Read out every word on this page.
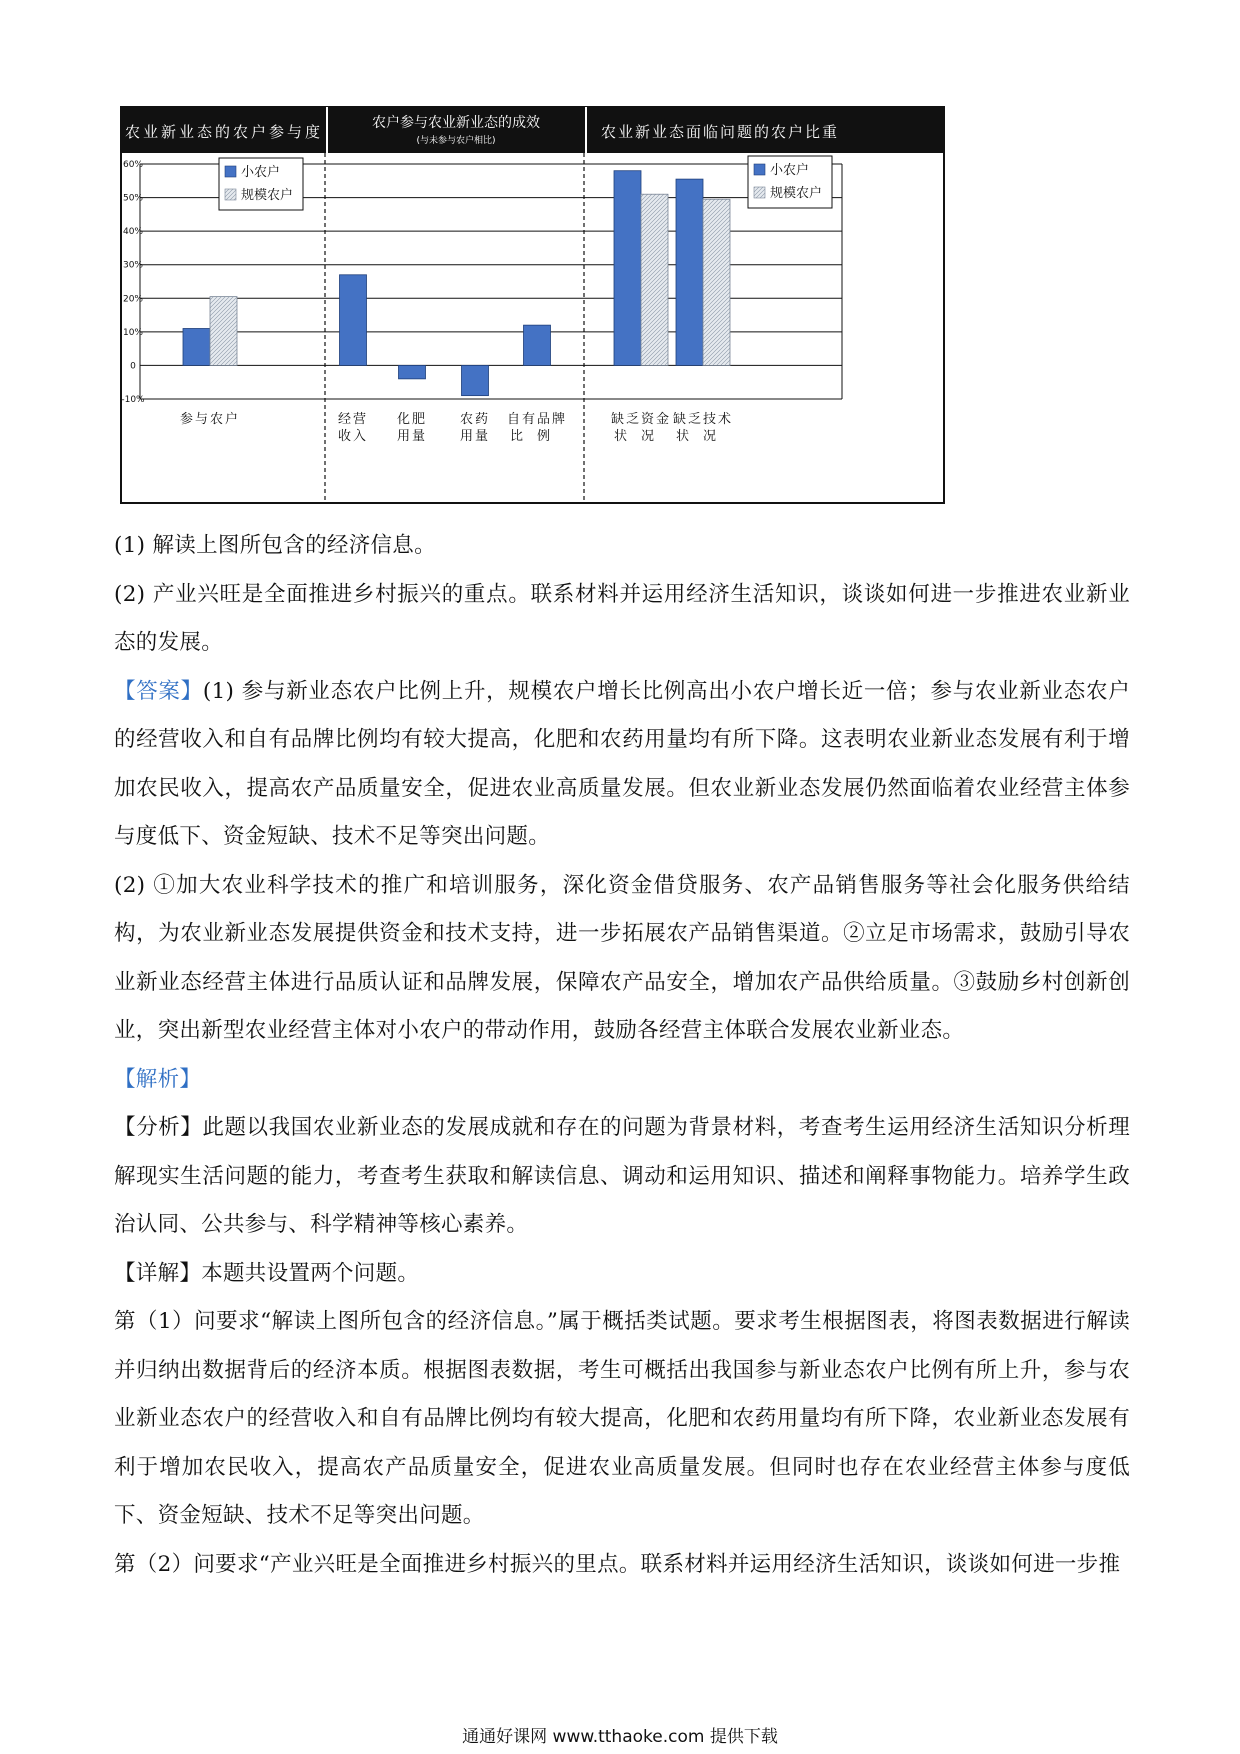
农业新业态的农户参与度	农户参与农业新业态的成效
(与未参与农户相比)	农业新业态面临问题的农户比重
60%
50%
40%
30%
20%
10%
0
-10%
参与农户	经营
收入
化肥
用量
农药
用量
自有品牌
比例
缺乏资金
状况
缺乏技术
状况
小农户
规模农户
小农户
规模农户

(1) 解读上图所包含的经济信息。

(2) 产业兴旺是全面推进乡村振兴的重点。联系材料并运用经济生活知识，谈谈如何进一步推进农业新业态的发展。

【答案】(1) 参与新业态农户比例上升，规模农户增长比例高出小农户增长近一倍；参与农业新业态农户的经营收入和自有品牌比例均有较大提高，化肥和农药用量均有所下降。这表明农业新业态发展有利于增加农民收入，提高农产品质量安全，促进农业高质量发展。但农业新业态发展仍然面临着农业经营主体参与度低下、资金短缺、技术不足等突出问题。

(2) ①加大农业科学技术的推广和培训服务，深化资金借贷服务、农产品销售服务等社会化服务供给结构，为农业新业态发展提供资金和技术支持，进一步拓展农产品销售渠道。②立足市场需求，鼓励引导农业新业态经营主体进行品质认证和品牌发展，保障农产品安全，增加农产品供给质量。③鼓励乡村创新创业，突出新型农业经营主体对小农户的带动作用，鼓励各经营主体联合发展农业新业态。

【解析】

【分析】此题以我国农业新业态的发展成就和存在的问题为背景材料，考查考生运用经济生活知识分析理解现实生活问题的能力，考查考生获取和解读信息、调动和运用知识、描述和阐释事物能力。培养学生政治认同、公共参与、科学精神等核心素养。

【详解】本题共设置两个问题。

第（1）问要求“解读上图所包含的经济信息。”属于概括类试题。要求考生根据图表，将图表数据进行解读并归纳出数据背后的经济本质。根据图表数据，考生可概括出我国参与新业态农户比例有所上升，参与农业新业态农户的经营收入和自有品牌比例均有较大提高，化肥和农药用量均有所下降，农业新业态发展有利于增加农民收入，提高农产品质量安全，促进农业高质量发展。但同时也存在农业经营主体参与度低下、资金短缺、技术不足等突出问题。

第（2）问要求“产业兴旺是全面推进乡村振兴的里点。联系材料并运用经济生活知识，谈谈如何进一步推

通通好课网 www.tthaoke.com 提供下载
